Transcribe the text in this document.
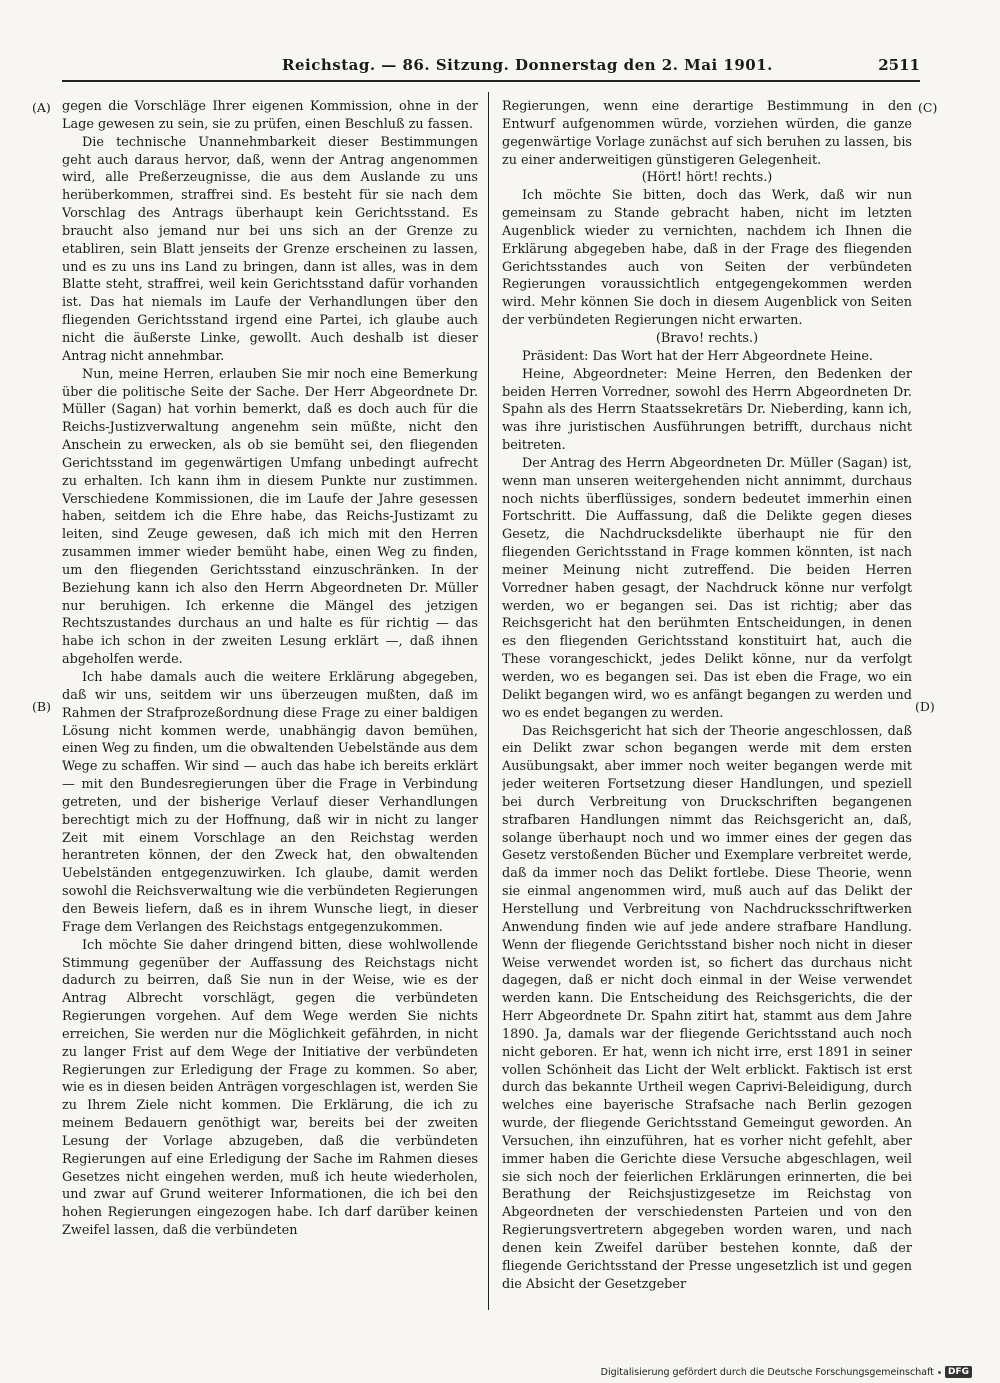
Reichstag. — 86. Sitzung. Donnerstag den 2. Mai 1901.	2511
(A)
(B)
(C)
(D)

gegen die Vorschläge Ihrer eigenen Kommission, ohne in der Lage gewesen zu sein, sie zu prüfen, einen Beschluß zu fassen.

Die technische Unannehmbarkeit dieser Bestimmungen geht auch daraus hervor, daß, wenn der Antrag angenommen wird, alle Preßerzeugnisse, die aus dem Auslande zu uns herüberkommen, straffrei sind. Es besteht für sie nach dem Vorschlag des Antrags überhaupt kein Gerichtsstand. Es braucht also jemand nur bei uns sich an der Grenze zu etabliren, sein Blatt jenseits der Grenze erscheinen zu lassen, und es zu uns ins Land zu bringen, dann ist alles, was in dem Blatte steht, straffrei, weil kein Gerichtsstand dafür vorhanden ist. Das hat niemals im Laufe der Verhandlungen über den fliegenden Gerichtsstand irgend eine Partei, ich glaube auch nicht die äußerste Linke, gewollt. Auch deshalb ist dieser Antrag nicht annehmbar.

Nun, meine Herren, erlauben Sie mir noch eine Bemerkung über die politische Seite der Sache. Der Herr Abgeordnete Dr. Müller (Sagan) hat vorhin bemerkt, daß es doch auch für die Reichs-Justizverwaltung angenehm sein müßte, nicht den Anschein zu erwecken, als ob sie bemüht sei, den fliegenden Gerichtsstand im gegenwärtigen Umfang unbedingt aufrecht zu erhalten. Ich kann ihm in diesem Punkte nur zustimmen. Verschiedene Kommissionen, die im Laufe der Jahre gesessen haben, seitdem ich die Ehre habe, das Reichs-Justizamt zu leiten, sind Zeuge gewesen, daß ich mich mit den Herren zusammen immer wieder bemüht habe, einen Weg zu finden, um den fliegenden Gerichtsstand einzuschränken. In der Beziehung kann ich also den Herrn Abgeordneten Dr. Müller nur beruhigen. Ich erkenne die Mängel des jetzigen Rechtszustandes durchaus an und halte es für richtig — das habe ich schon in der zweiten Lesung erklärt —, daß ihnen abgeholfen werde.

Ich habe damals auch die weitere Erklärung abgegeben, daß wir uns, seitdem wir uns überzeugen mußten, daß im Rahmen der Strafprozeßordnung diese Frage zu einer baldigen Lösung nicht kommen werde, unabhängig davon bemühen, einen Weg zu finden, um die obwaltenden Uebelstände aus dem Wege zu schaffen. Wir sind — auch das habe ich bereits erklärt — mit den Bundesregierungen über die Frage in Verbindung getreten, und der bisherige Verlauf dieser Verhandlungen berechtigt mich zu der Hoffnung, daß wir in nicht zu langer Zeit mit einem Vorschlage an den Reichstag werden herantreten können, der den Zweck hat, den obwaltenden Uebelständen entgegenzuwirken. Ich glaube, damit werden sowohl die Reichsverwaltung wie die verbündeten Regierungen den Beweis liefern, daß es in ihrem Wunsche liegt, in dieser Frage dem Verlangen des Reichstags entgegenzukommen.

Ich möchte Sie daher dringend bitten, diese wohlwollende Stimmung gegenüber der Auffassung des Reichstags nicht dadurch zu beirren, daß Sie nun in der Weise, wie es der Antrag Albrecht vorschlägt, gegen die verbündeten Regierungen vorgehen. Auf dem Wege werden Sie nichts erreichen, Sie werden nur die Möglichkeit gefährden, in nicht zu langer Frist auf dem Wege der Initiative der verbündeten Regierungen zur Erledigung der Frage zu kommen. So aber, wie es in diesen beiden Anträgen vorgeschlagen ist, werden Sie zu Ihrem Ziele nicht kommen. Die Erklärung, die ich zu meinem Bedauern genöthigt war, bereits bei der zweiten Lesung der Vorlage abzugeben, daß die verbündeten Regierungen auf eine Erledigung der Sache im Rahmen dieses Gesetzes nicht eingehen werden, muß ich heute wiederholen, und zwar auf Grund weiterer Informationen, die ich bei den hohen Regierungen eingezogen habe. Ich darf darüber keinen Zweifel lassen, daß die verbündeten

Regierungen, wenn eine derartige Bestimmung in den Entwurf aufgenommen würde, vorziehen würden, die ganze gegenwärtige Vorlage zunächst auf sich beruhen zu lassen, bis zu einer anderweitigen günstigeren Gelegenheit.

(Hört! hört! rechts.)

Ich möchte Sie bitten, doch das Werk, daß wir nun gemeinsam zu Stande gebracht haben, nicht im letzten Augenblick wieder zu vernichten, nachdem ich Ihnen die Erklärung abgegeben habe, daß in der Frage des fliegenden Gerichtsstandes auch von Seiten der verbündeten Regierungen voraussichtlich entgegengekommen werden wird. Mehr können Sie doch in diesem Augenblick von Seiten der verbündeten Regierungen nicht erwarten.

(Bravo! rechts.)

Präsident: Das Wort hat der Herr Abgeordnete Heine.

Heine, Abgeordneter: Meine Herren, den Bedenken der beiden Herren Vorredner, sowohl des Herrn Abgeordneten Dr. Spahn als des Herrn Staatssekretärs Dr. Nieberding, kann ich, was ihre juristischen Ausführungen betrifft, durchaus nicht beitreten.

Der Antrag des Herrn Abgeordneten Dr. Müller (Sagan) ist, wenn man unseren weitergehenden nicht annimmt, durchaus noch nichts überflüssiges, sondern bedeutet immerhin einen Fortschritt. Die Auffassung, daß die Delikte gegen dieses Gesetz, die Nachdrucksdelikte überhaupt nie für den fliegenden Gerichtsstand in Frage kommen könnten, ist nach meiner Meinung nicht zutreffend. Die beiden Herren Vorredner haben gesagt, der Nachdruck könne nur verfolgt werden, wo er begangen sei. Das ist richtig; aber das Reichsgericht hat den berühmten Entscheidungen, in denen es den fliegenden Gerichtsstand konstituirt hat, auch die These vorangeschickt, jedes Delikt könne, nur da verfolgt werden, wo es begangen sei. Das ist eben die Frage, wo ein Delikt begangen wird, wo es anfängt begangen zu werden und wo es endet begangen zu werden.

Das Reichsgericht hat sich der Theorie angeschlossen, daß ein Delikt zwar schon begangen werde mit dem ersten Ausübungsakt, aber immer noch weiter begangen werde mit jeder weiteren Fortsetzung dieser Handlungen, und speziell bei durch Verbreitung von Druckschriften begangenen strafbaren Handlungen nimmt das Reichsgericht an, daß, solange überhaupt noch und wo immer eines der gegen das Gesetz verstoßenden Bücher und Exemplare verbreitet werde, daß da immer noch das Delikt fortlebe. Diese Theorie, wenn sie einmal angenommen wird, muß auch auf das Delikt der Herstellung und Verbreitung von Nachdrucksschriftwerken Anwendung finden wie auf jede andere strafbare Handlung. Wenn der fliegende Gerichtsstand bisher noch nicht in dieser Weise verwendet worden ist, so fichert das durchaus nicht dagegen, daß er nicht doch einmal in der Weise verwendet werden kann. Die Entscheidung des Reichsgerichts, die der Herr Abgeordnete Dr. Spahn zitirt hat, stammt aus dem Jahre 1890. Ja, damals war der fliegende Gerichtsstand auch noch nicht geboren. Er hat, wenn ich nicht irre, erst 1891 in seiner vollen Schönheit das Licht der Welt erblickt. Faktisch ist erst durch das bekannte Urtheil wegen Caprivi-Beleidigung, durch welches eine bayerische Strafsache nach Berlin gezogen wurde, der fliegende Gerichtsstand Gemeingut geworden. An Versuchen, ihn einzuführen, hat es vorher nicht gefehlt, aber immer haben die Gerichte diese Versuche abgeschlagen, weil sie sich noch der feierlichen Erklärungen erinnerten, die bei Berathung der Reichsjustizgesetze im Reichstag von Abgeordneten der verschiedensten Parteien und von den Regierungsvertretern abgegeben worden waren, und nach denen kein Zweifel darüber bestehen konnte, daß der fliegende Gerichtsstand der Presse ungesetzlich ist und gegen die Absicht der Gesetzgeber

Digitalisierung gefördert durch die Deutsche Forschungsgemeinschaft	DFG
